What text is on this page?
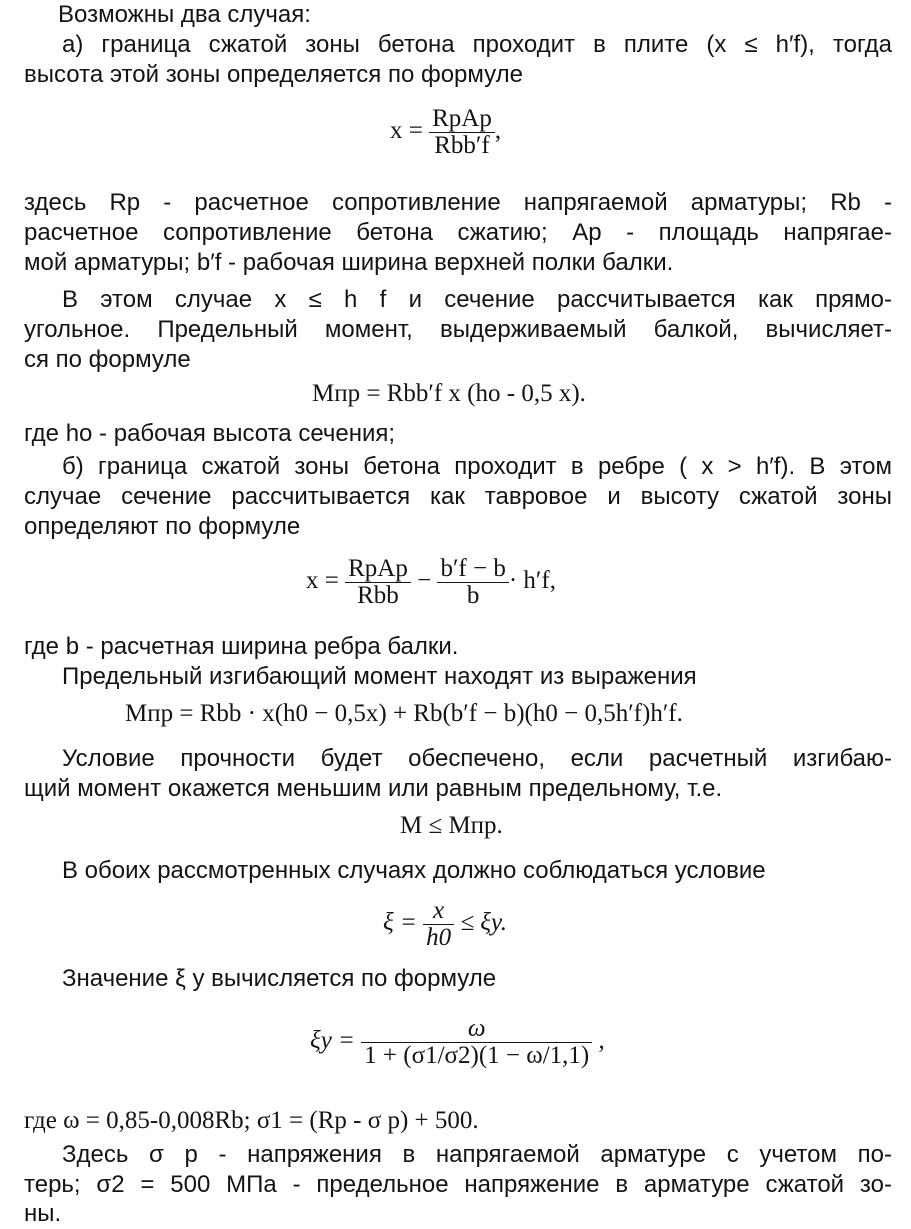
Возможны два случая:
а) граница сжатой зоны бетона проходит в плите (x ≤ h′f), тогда
высота этой зоны определяется по формуле
$x = \frac{\text{RpAp}}{\text{Rbb′f}}$ ,
здесь Rp - расчетное сопротивление напрягаемой арматуры; Rb -
расчетное сопротивление бетона сжатию; Ap - площадь напрягае-
мой арматуры; b′f - рабочая ширина верхней полки балки.
В этом случае x ≤ h f и сечение рассчитывается как прямо-
угольное. Предельный момент, выдерживаемый балкой, вычисляет-
ся по формуле
Mпр = Rbb′f x (ho - 0,5 x).
где ho - рабочая высота сечения;
б) граница сжатой зоны бетона проходит в ребре ( x > h′f). В этом
случае сечение рассчитывается как тавровое и высоту сжатой зоны
определяют по формуле
$x = \frac{\text{RpAp}}{\text{Rbb}} - \frac{b'f - b}{b} \cdot h'f$,
где b - расчетная ширина ребра балки.
Предельный изгибающий момент находят из выражения
Mпр = Rbb · x(h0 − 0,5x) + Rb(b′f − b)(h0 − 0,5h′f)h′f.
Условие прочности будет обеспечено, если расчетный изгибаю-
щий момент окажется меньшим или равным предельному, т.е.
M ≤ Mпр.
В обоих рассмотренных случаях должно соблюдаться условие
$\xi = \frac{x}{h0} \le \xi y$.
Значение ξ y вычисляется по формуле
$\xi y = \frac{\omega}{1 + (\sigma 1/\sigma 2)(1 - \omega/1,1)}$ ,
где ω = 0,85-0,008Rb; σ1 = (Rp - σ p) + 500.
Здесь σ p - напряжения в напрягаемой арматуре с учетом по-
терь; σ2 = 500 МПа - предельное напряжение в арматуре сжатой зо-
ны.
